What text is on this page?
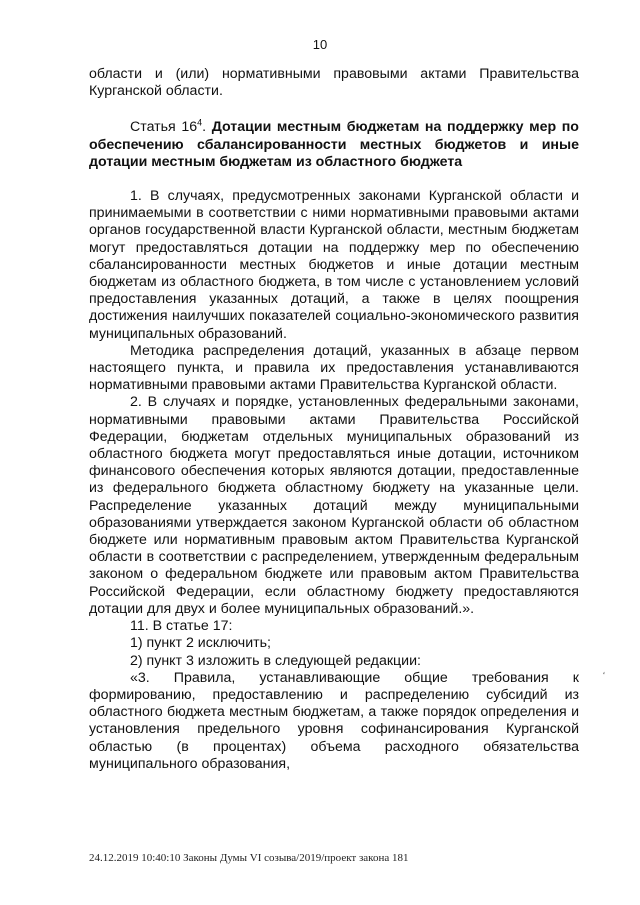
10

области и (или) нормативными правовыми актами Правительства Курганской области.

Статья $16^4$. Дотации местным бюджетам на поддержку мер по обеспечению сбалансированности местных бюджетов и иные дотации местным бюджетам из областного бюджета

1. В случаях, предусмотренных законами Курганской области и принимаемыми в соответствии с ними нормативными правовыми актами органов государственной власти Курганской области, местным бюджетам могут предоставляться дотации на поддержку мер по обеспечению сбалансированности местных бюджетов и иные дотации местным бюджетам из областного бюджета, в том числе с установлением условий предоставления указанных дотаций, а также в целях поощрения достижения наилучших показателей социально-экономического развития муниципальных образований.

Методика распределения дотаций, указанных в абзаце первом настоящего пункта, и правила их предоставления устанавливаются нормативными правовыми актами Правительства Курганской области.

2. В случаях и порядке, установленных федеральными законами, нормативными правовыми актами Правительства Российской Федерации, бюджетам отдельных муниципальных образований из областного бюджета могут предоставляться иные дотации, источником финансового обеспечения которых являются дотации, предоставленные из федерального бюджета областному бюджету на указанные цели. Распределение указанных дотаций между муниципальными образованиями утверждается законом Курганской области об областном бюджете или нормативным правовым актом Правительства Курганской области в соответствии с распределением, утвержденным федеральным законом о федеральном бюджете или правовым актом Правительства Российской Федерации, если областному бюджету предоставляются дотации для двух и более муниципальных образований.».

11. В статье 17:

1) пункт 2 исключить;

2) пункт 3 изложить в следующей редакции:

«3. Правила, устанавливающие общие требования к формированию, предоставлению и распределению субсидий из областного бюджета местным бюджетам, а также порядок определения и установления предельного уровня софинансирования Курганской областью (в процентах) объема расходного обязательства муниципального образования,

ʻ
24.12.2019 10:40:10 Законы Думы VI созыва/2019/проект закона 181
